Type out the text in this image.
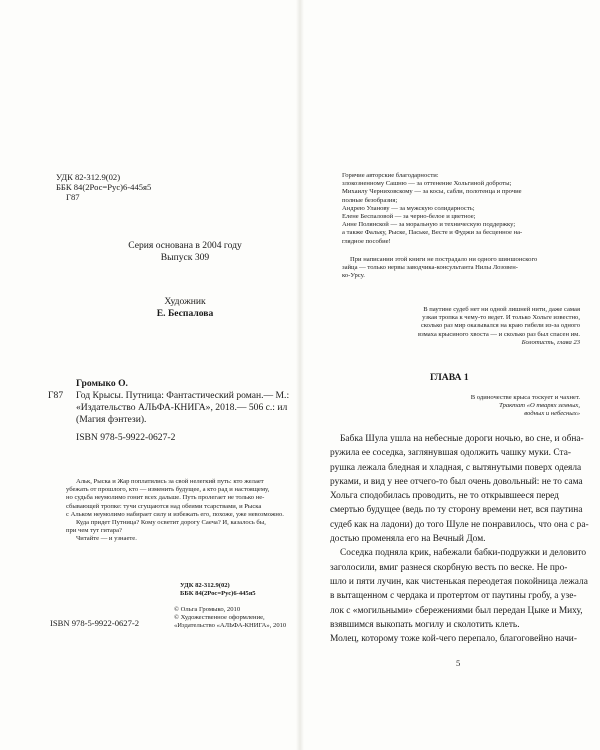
УДК 82-312.9(02)
ББК 84(2Рос=Рус)6-445я5
Г87
Серия основана в 2004 году
Выпуск 309
Художник
Е. Беспалова
Громыко О.
Г87 Год Крысы. Путница: Фантастический роман.— М.:
«Издательство АЛЬФА-КНИГА», 2018.— 506 с.: ил
(Магия фэнтези).
ISBN 978-5-9922-0627-2
Альк, Рыска и Жар поплатились за свой нелегкий путь: кто желает
убежать от прошлого, кто — изменить будущее, а кто рад и настоящему,
но судьба неумолимо гонит всех дальше. Путь пролегает не только не-
сбывающей тропке: тучи сгущаются над обеими тсарствами, и Рыска
с Альком неумолимо набирает силу и избежать его, похоже, уже невозможно.
Куда придет Путница? Кому осветит дорогу Саеча? И, казалось бы,
при чем тут гитара?
Читайте — и узнаете.
УДК 82-312.9(02)
ББК 84(2Рос=Рус)6-445я5
ISBN 978-5-9922-0627-2
© Ольга Громыко, 2010
© Художественное оформление,
«Издательство «АЛЬФА-КНИГА», 2010
Горячие авторские благодарности:
злокозненному Сашню — за оттенение Хольгиной доброты;
Михаилу Черниховскому — за косы, сабли, полотенца и прочие
полные безобразия;
Андрею Уланову — за мужскую солидарность;
Елене Беспаловой — за черно-белое и цветное;
Анне Полянской — за моральную и техническую поддержку;
а также Фальку, Рыске, Паське, Весте и Фуджи за бесценное на-
глядное пособие!
При написании этой книги не пострадало ни одного шиншонского
зайца — только нервы заводчика-консультанта Нилы Лозовен-
ко-Урсу.
В паутине судеб нет ни одной лишней нити, даже самая
узкая тропка к чему-то ведет. И только Хольге известно,
сколько раз мир оказывался на краю гибели из-за одного
взмаха крысиного хвоста — и сколько раз был спасен им.
Болотисть, глава 23
ГЛАВА 1
В одиночестве крыса тоскует и чахнет.
Трактат «О тварях земных,
водных и небесных»
Бабка Шула ушла на небесные дороги ночью, во сне, и обна-
ружила ее соседка, заглянувшая одолжить чашку муки. Ста-
рушка лежала бледная и хладная, с вытянутыми поверх одеяла
руками, и вид у нее отчего-то был очень довольный: не то сама
Хольга сподобилась проводить, не то открывшееся перед
смертью будущее (ведь по ту сторону времени нет, вся паутина
судеб как на ладони) до того Шуле не понравилось, что она с ра-
достью променяла его на Вечный Дом.
Соседка подняла крик, набежали бабки-подружки и деловито
заголосили, вмиг разнеся скорбную весть по веске. Не про-
шло и пяти лучин, как чистенькая переодетая покойница лежала
в вытащенном с чердака и протертом от паутины гробу, а узе-
лок с «могильными» сбережениями был передан Цыке и Миху,
взявшимся выкопать могилу и сколотить клеть.
Молец, которому тоже кой-чего перепало, благоговейно начи-
5
